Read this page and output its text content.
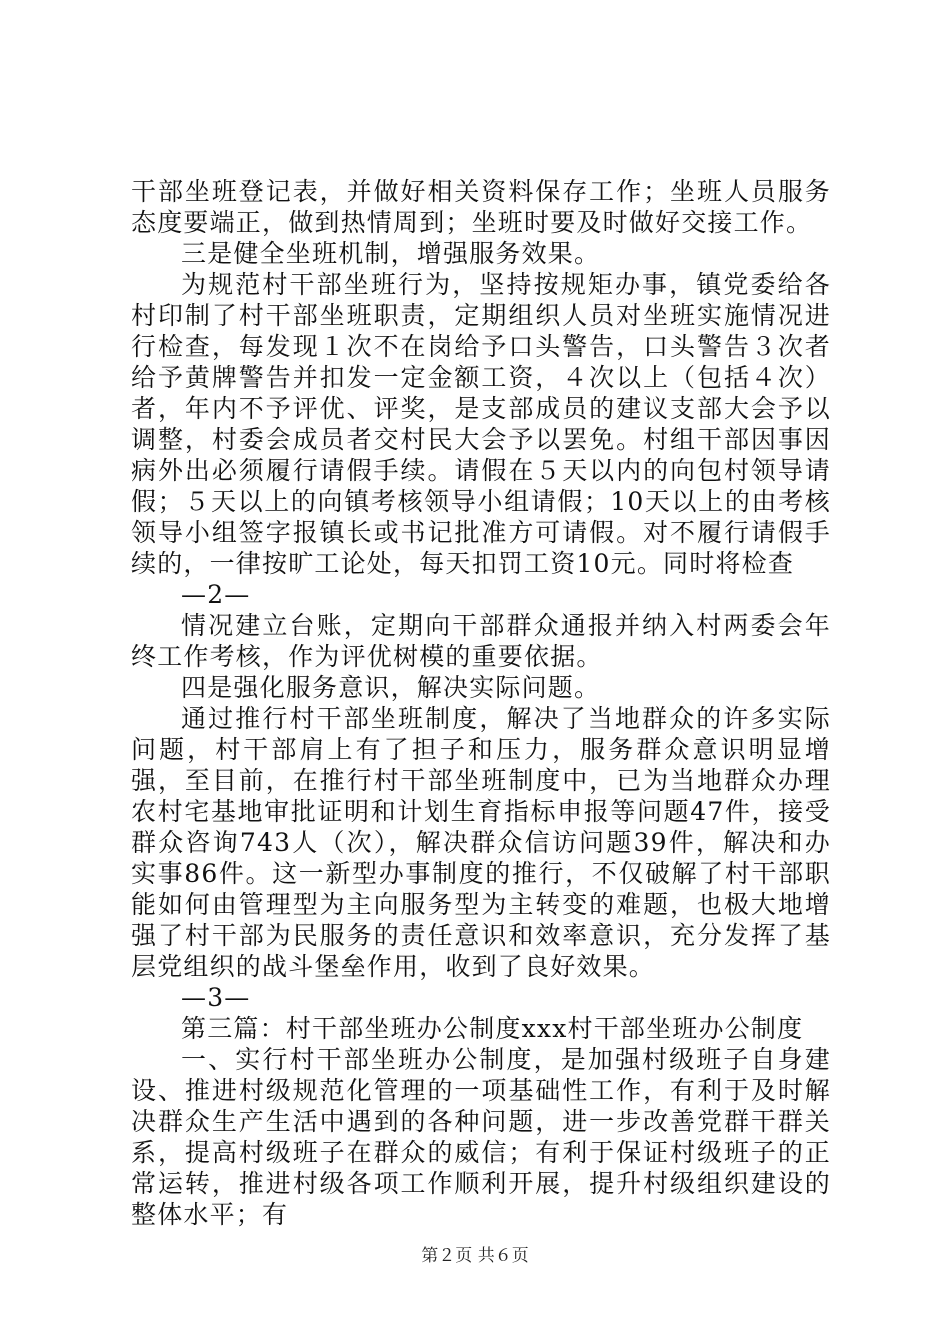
干部坐班登记表，并做好相关资料保存工作；坐班人员服务态度要端正，做到热情周到；坐班时要及时做好交接工作。

三是健全坐班机制，增强服务效果。

为规范村干部坐班行为，坚持按规矩办事，镇党委给各村印制了村干部坐班职责，定期组织人员对坐班实施情况进行检查，每发现１次不在岗给予口头警告，口头警告３次者给予黄牌警告并扣发一定金额工资，４次以上（包括４次）者，年内不予评优、评奖，是支部成员的建议支部大会予以调整，村委会成员者交村民大会予以罢免。村组干部因事因病外出必须履行请假手续。请假在５天以内的向包村领导请假；５天以上的向镇考核领导小组请假；10天以上的由考核领导小组签字报镇长或书记批准方可请假。对不履行请假手续的，一律按旷工论处，每天扣罚工资10元。同时将检查

—2—

情况建立台账，定期向干部群众通报并纳入村两委会年终工作考核，作为评优树模的重要依据。

四是强化服务意识，解决实际问题。

通过推行村干部坐班制度，解决了当地群众的许多实际问题，村干部肩上有了担子和压力，服务群众意识明显增强，至目前，在推行村干部坐班制度中，已为当地群众办理农村宅基地审批证明和计划生育指标申报等问题47件，接受群众咨询743人（次），解决群众信访问题39件，解决和办实事86件。这一新型办事制度的推行，不仅破解了村干部职能如何由管理型为主向服务型为主转变的难题，也极大地增强了村干部为民服务的责任意识和效率意识，充分发挥了基层党组织的战斗堡垒作用，收到了良好效果。

—3—

第三篇：村干部坐班办公制度xxx村干部坐班办公制度

一、实行村干部坐班办公制度，是加强村级班子自身建设、推进村级规范化管理的一项基础性工作，有利于及时解决群众生产生活中遇到的各种问题，进一步改善党群干群关系，提高村级班子在群众的威信；有利于保证村级班子的正常运转，推进村级各项工作顺利开展，提升村级组织建设的整体水平；有

第２页 共６页
